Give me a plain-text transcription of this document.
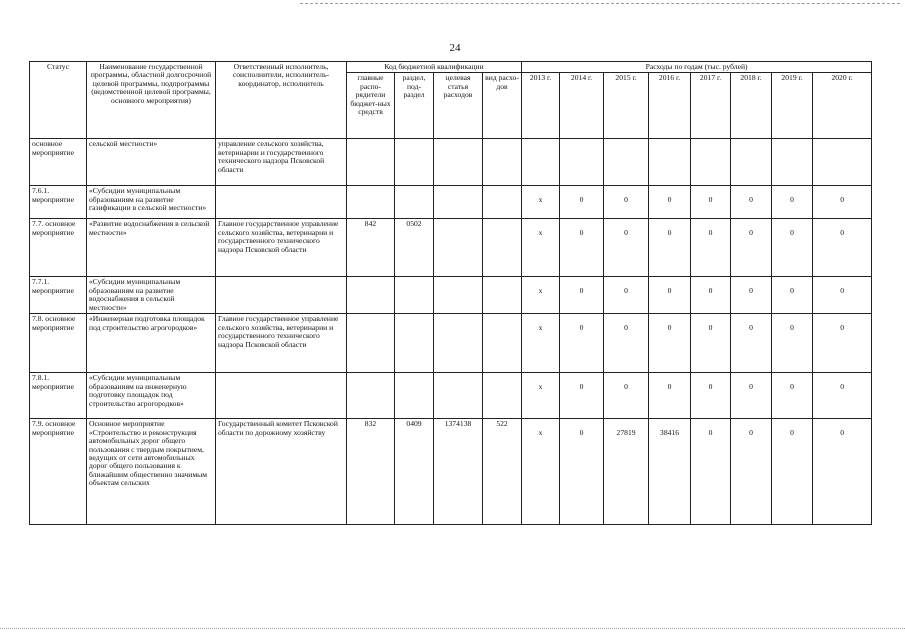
24
Статус	Наименование государственной программы, областной долгосрочной целевой программы, подпрограммы (ведомственной целевой программы, основного мероприятия)	Ответственный исполнитель, соисполнители, исполнитель-координатор, исполнитель	Код бюджетной квалификации				Расходы по годам (тыс. рублей)							
			главные распо-рядители бюджет-ных средств	раздел, под-раздел	целевая статья расходов	вид расхо-дов	2013 г.	2014 г.	2015 г.	2016 г.	2017 г.	2018 г.	2019 г.	2020 г.
основное мероприятие	сельской местности»	управление сельского хозяйства, ветеринарии и государственного технического надзора Псковской области												
7.6.1. мероприятие	«Субсидии муниципальным образованиям на развитие газификации в сельской местности»						х	0	0	0	0	0	0	0
7.7. основное мероприятие	«Развитие водоснабжения в сельской местности»	Главное государственное управление сельского хозяйства, ветеринарии и государственного технического надзора Псковской области	842	0502			х	0	0	0	0	0	0	0
7.7.1. мероприятие	«Субсидии муниципальным образованиям на развитие водоснабжения в сельской местности»						х	0	0	0	0	0	0	0
7.8. основное мероприятие	«Инженерная подготовка площадок под строительство агрогородков»	Главное государственное управление сельского хозяйства, ветеринарии и государственного технического надзора Псковской области					х	0	0	0	0	0	0	0
7.8.1. мероприятие	«Субсидии муниципальным образованиям на инженерную подготовку площадок под строительство агрогородков»						х	0	0	0	0	0	0	0
7.9. основное мероприятие	Основное мероприятие «Строительство и реконструкция автомобильных дорог общего пользования с твердым покрытием, ведущих от сети автомобильных дорог общего пользования к ближайшим общественно значимым объектам сельских	Государственный комитет Псковской области по дорожному хозяйству	832	0409	1374138	522	х	0	27819	38416	0	0	0	0
